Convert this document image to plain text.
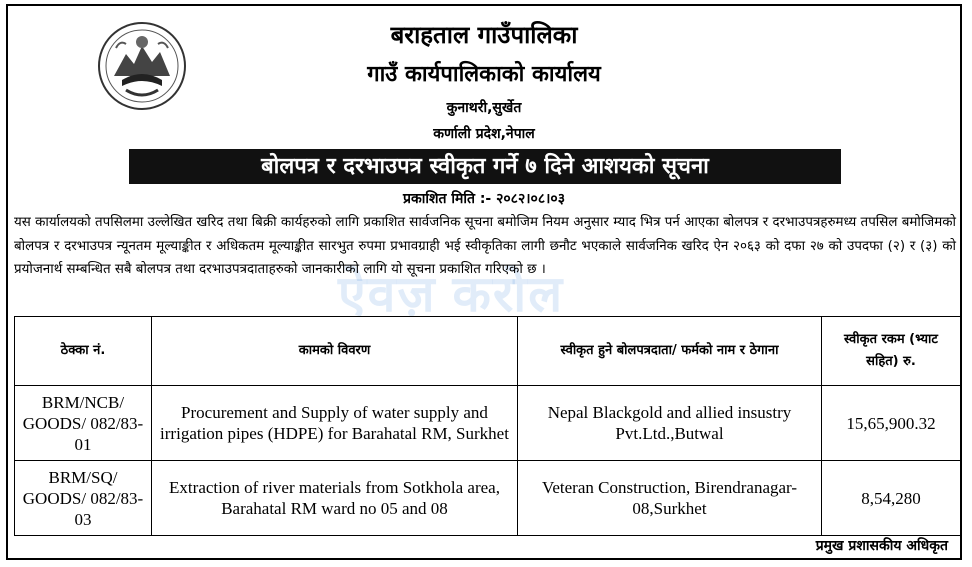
बराहताल गाउँपालिका
गाउँ कार्यपालिकाको कार्यालय
कुनाथरी,सुर्खेत
कर्णाली प्रदेश,नेपाल
बोलपत्र र दरभाउपत्र स्वीकृत गर्ने ७ दिने आशयको सूचना
प्रकाशित मिति :- २०८२।०८।०३
ऐवज़ करोल
यस कार्यालयको तपसिलमा उल्लेखित खरिद तथा बिक्री कार्यहरुको लागि प्रकाशित सार्वजनिक सूचना बमोजिम नियम अनुसार म्याद भित्र पर्न आएका बोलपत्र र दरभाउपत्रहरुमध्य तपसिल बमोजिमको बोलपत्र र दरभाउपत्र न्यूनतम मूल्याङ्कीत र अधिकतम मूल्याङ्कीत सारभुत रुपमा प्रभावग्राही भई स्वीकृतिका लागी छनौट भएकाले सार्वजनिक खरिद ऐन २०६३ को दफा २७ को उपदफा (२) र (३) को प्रयोजनार्थ सम्बन्धित सबै बोलपत्र तथा दरभाउपत्रदाताहरुको जानकारीको लागि यो सूचना प्रकाशित गरिएको छ ।
ठेक्का नं.	कामको विवरण	स्वीकृत हुने बोलपत्रदाता/ फर्मको नाम र ठेगाना	स्वीकृत रकम (भ्याट सहित) रु.
BRM/NCB/ GOODS/ 082/83-01	Procurement and Supply of water supply and irrigation pipes (HDPE) for Barahatal RM, Surkhet	Nepal Blackgold and allied insustry Pvt.Ltd.,Butwal	15,65,900.32
BRM/SQ/ GOODS/ 082/83-03	Extraction of river materials from Sotkhola area, Barahatal RM ward no 05 and 08	Veteran Construction, Birendranagar-08,Surkhet	8,54,280
प्रमुख प्रशासकीय अधिकृत
